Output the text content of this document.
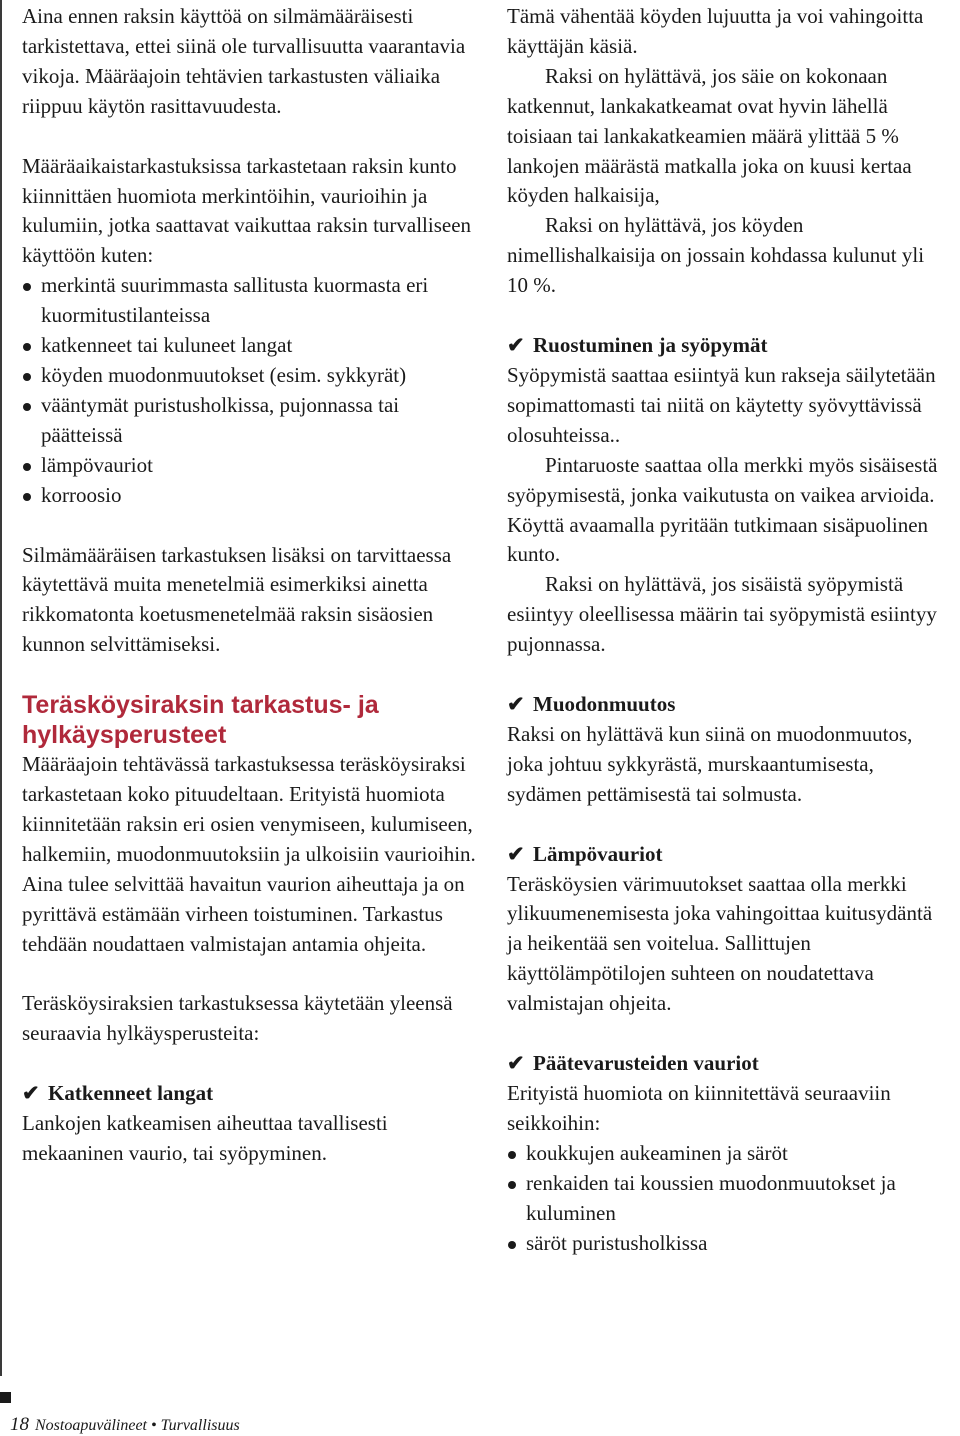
Aina ennen raksin käyttöä on silmämääräisesti tarkistettava, ettei siinä ole turvallisuutta vaarantavia vikoja. Määräajoin tehtävien tarkastusten väliaika riippuu käytön rasittavuudesta.

Määräaikaistarkastuksissa tarkastetaan raksin kunto kiinnittäen huomiota merkintöihin, vaurioihin ja kulumiin, jotka saattavat vaikuttaa raksin turvalliseen käyttöön kuten:

merkintä suurimmasta sallitusta kuormasta eri kuormitustilanteissa
katkenneet tai kuluneet langat
köyden muodonmuutokset (esim. sykkyrät)
vääntymät puristusholkissa, pujonnassa tai päätteissä
lämpövauriot
korroosio

Silmämääräisen tarkastuksen lisäksi on tarvittaessa käytettävä muita menetelmiä esimerkiksi ainetta rikkomatonta koetusmenetelmää raksin sisäosien kunnon selvittämiseksi.

Teräsköysiraksin tarkastus- ja
hylkäysperusteet

Määräajoin tehtävässä tarkastuksessa teräsköysiraksi tarkastetaan koko pituudeltaan. Erityistä huomiota kiinnitetään raksin eri osien venymiseen, kulumiseen, halkemiin, muodonmuutoksiin ja ulkoisiin vaurioihin. Aina tulee selvittää havaitun vaurion aiheuttaja ja on pyrittävä estämään virheen toistuminen. Tarkastus tehdään noudattaen valmistajan antamia ohjeita.

Teräsköysiraksien tarkastuksessa käytetään yleensä seuraavia hylkäysperusteita:

✔ Katkenneet langat

Lankojen katkeamisen aiheuttaa tavallisesti mekaaninen vaurio, tai syöpyminen.

Tämä vähentää köyden lujuutta ja voi vahingoitta käyttäjän käsiä.

Raksi on hylättävä, jos säie on kokonaan katkennut, lankakatkeamat ovat hyvin lähellä toisiaan tai lankakatkeamien määrä ylittää 5 % lankojen määrästä matkalla joka on kuusi kertaa köyden halkaisija,

Raksi on hylättävä, jos köyden nimellishalkaisija on jossain kohdassa kulunut yli 10 %.

✔ Ruostuminen ja syöpymät

Syöpymistä saattaa esiintyä kun rakseja säilytetään sopimattomasti tai niitä on käytetty syövyttävissä olosuhteissa..

Pintaruoste saattaa olla merkki myös sisäisestä syöpymisestä, jonka vaikutusta on vaikea arvioida. Köyttä avaamalla pyritään tutkimaan sisäpuolinen kunto.

Raksi on hylättävä, jos sisäistä syöpymistä esiintyy oleellisessa määrin tai syöpymistä esiintyy pujonnassa.

✔ Muodonmuutos

Raksi on hylättävä kun siinä on muodonmuutos, joka johtuu sykkyrästä, murskaantumisesta, sydämen pettämisestä tai solmusta.

✔ Lämpövauriot

Teräsköysien värimuutokset saattaa olla merkki ylikuumenemisesta joka vahingoittaa kuitusydäntä ja heikentää sen voitelua. Sallittujen käyttölämpötilojen suhteen on noudatettava valmistajan ohjeita.

✔ Päätevarusteiden vauriot

Erityistä huomiota on kiinnitettävä seuraaviin seikkoihin:

koukkujen aukeaminen ja säröt
renkaiden tai koussien muodonmuutokset ja kuluminen
säröt puristusholkissa
18 Nostoapuvälineet • Turvallisuus
